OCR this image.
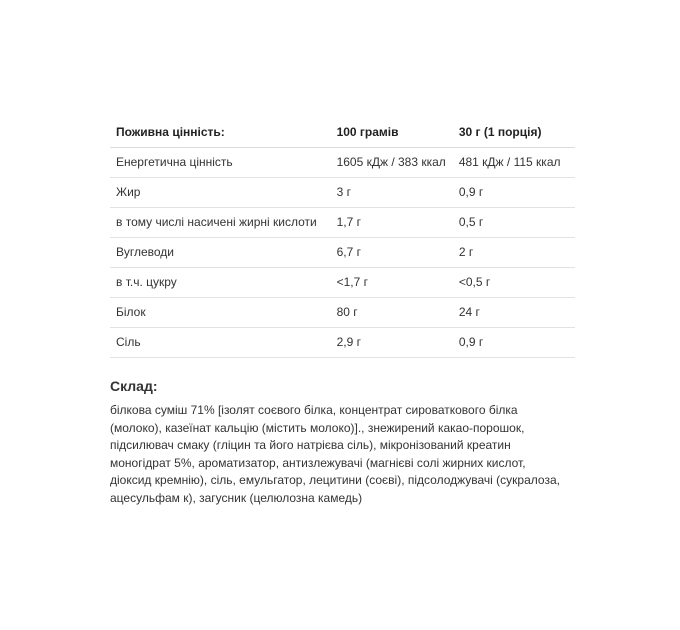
Поживна цінність:	100 грамів	30 г (1 порція)
Енергетична цінність	1605 кДж / 383 ккал	481 кДж / 115 ккал
Жир	3 г	0,9 г
в тому числі насичені жирні кислоти	1,7 г	0,5 г
Вуглеводи	6,7 г	2 г
в т.ч. цукру	<1,7 г	<0,5 г
Білок	80 г	24 г
Сіль	2,9 г	0,9 г
Склад:

білкова суміш 71% [ізолят соєвого білка, концентрат сироваткового білка (молоко), казеїнат кальцію (містить молоко)]., знежирений какао-порошок, підсилювач смаку (гліцин та його натрієва сіль), мікронізований креатин моногідрат 5%, ароматизатор, антизлежувачі (магнієві солі жирних кислот, діоксид кремнію), сіль, емульгатор, лецитини (соєві), підсолоджувачі (сукралоза, ацесульфам к), загусник (целюлозна камедь)
